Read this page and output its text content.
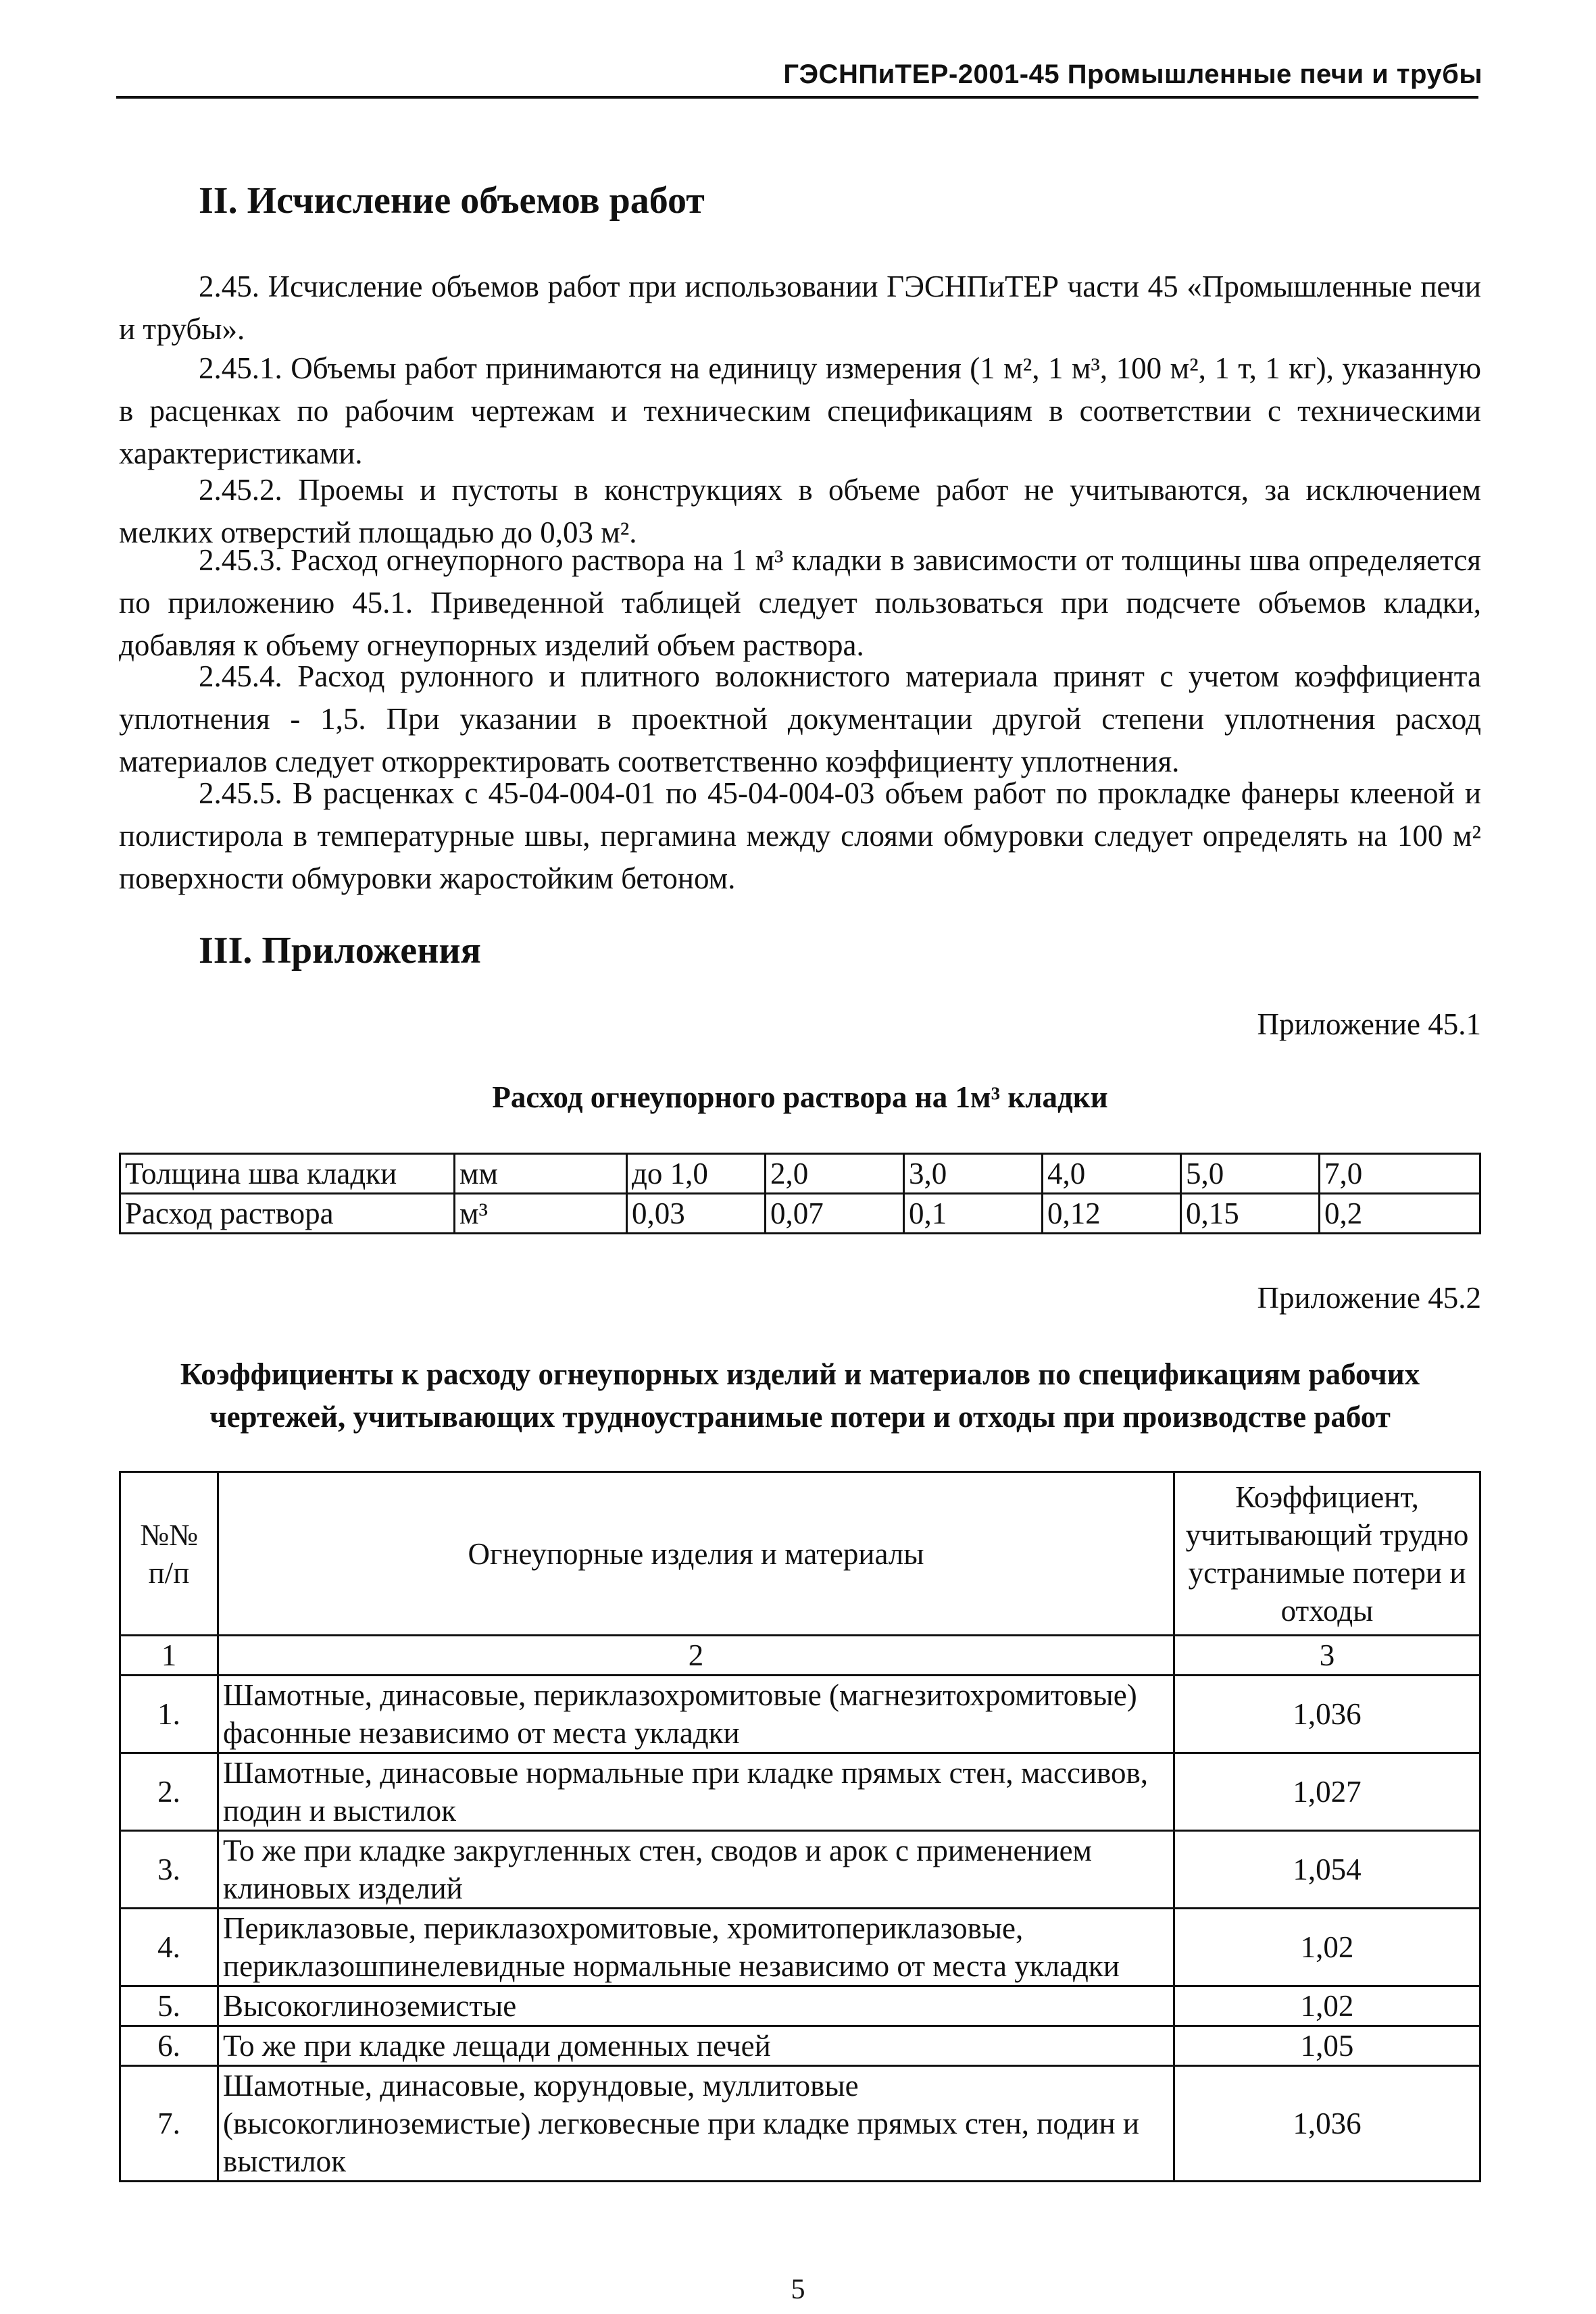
ГЭСНПиТЕР-2001-45 Промышленные печи и трубы
II. Исчисление объемов работ
2.45. Исчисление объемов работ при использовании ГЭСНПиТЕР части 45 «Промышленные печи и трубы».
2.45.1. Объемы работ принимаются на единицу измерения (1 м², 1 м³, 100 м², 1 т, 1 кг), указанную в расценках по рабочим чертежам и техническим спецификациям в соответствии с техническими характеристиками.
2.45.2. Проемы и пустоты в конструкциях в объеме работ не учитываются, за исключением мелких отверстий площадью до 0,03 м².
2.45.3. Расход огнеупорного раствора на 1 м³ кладки в зависимости от толщины шва определяется по приложению 45.1. Приведенной таблицей следует пользоваться при подсчете объемов кладки, добавляя к объему огнеупорных изделий объем раствора.
2.45.4. Расход рулонного и плитного волокнистого материала принят с учетом коэффициента уплотнения - 1,5. При указании в проектной документации другой степени уплотнения расход материалов следует откорректировать соответственно коэффициенту уплотнения.
2.45.5. В расценках с 45-04-004-01 по 45-04-004-03 объем работ по прокладке фанеры клееной и полистирола в температурные швы, пергамина между слоями обмуровки следует определять на 100 м² поверхности обмуровки жаростойким бетоном.
III. Приложения
Приложение 45.1
Расход огнеупорного раствора на 1м³ кладки
Толщина шва кладки	мм	до 1,0	2,0	3,0	4,0	5,0	7,0
Расход раствора	м³	0,03	0,07	0,1	0,12	0,15	0,2
Приложение 45.2
Коэффициенты к расходу огнеупорных изделий и материалов по спецификациям рабочих чертежей, учитывающих трудноустранимые потери и отходы при производстве работ
№№ п/п	Огнеупорные изделия и материалы	Коэффициент, учитывающий трудно устранимые потери и отходы
1	2	3
1.	Шамотные, динасовые, периклазохромитовые (магнезитохромитовые) фасонные независимо от места укладки	1,036
2.	Шамотные, динасовые нормальные при кладке прямых стен, массивов, подин и выстилок	1,027
3.	То же при кладке закругленных стен, сводов и арок с применением клиновых изделий	1,054
4.	Периклазовые, периклазохромитовые, хромитопериклазовые, периклазошпинелевидные нормальные независимо от места укладки	1,02
5.	Высокоглиноземистые	1,02
6.	То же при кладке лещади доменных печей	1,05
7.	Шамотные, динасовые, корундовые, муллитовые (высокоглиноземистые) легковесные при кладке прямых стен, подин и выстилок	1,036
5
